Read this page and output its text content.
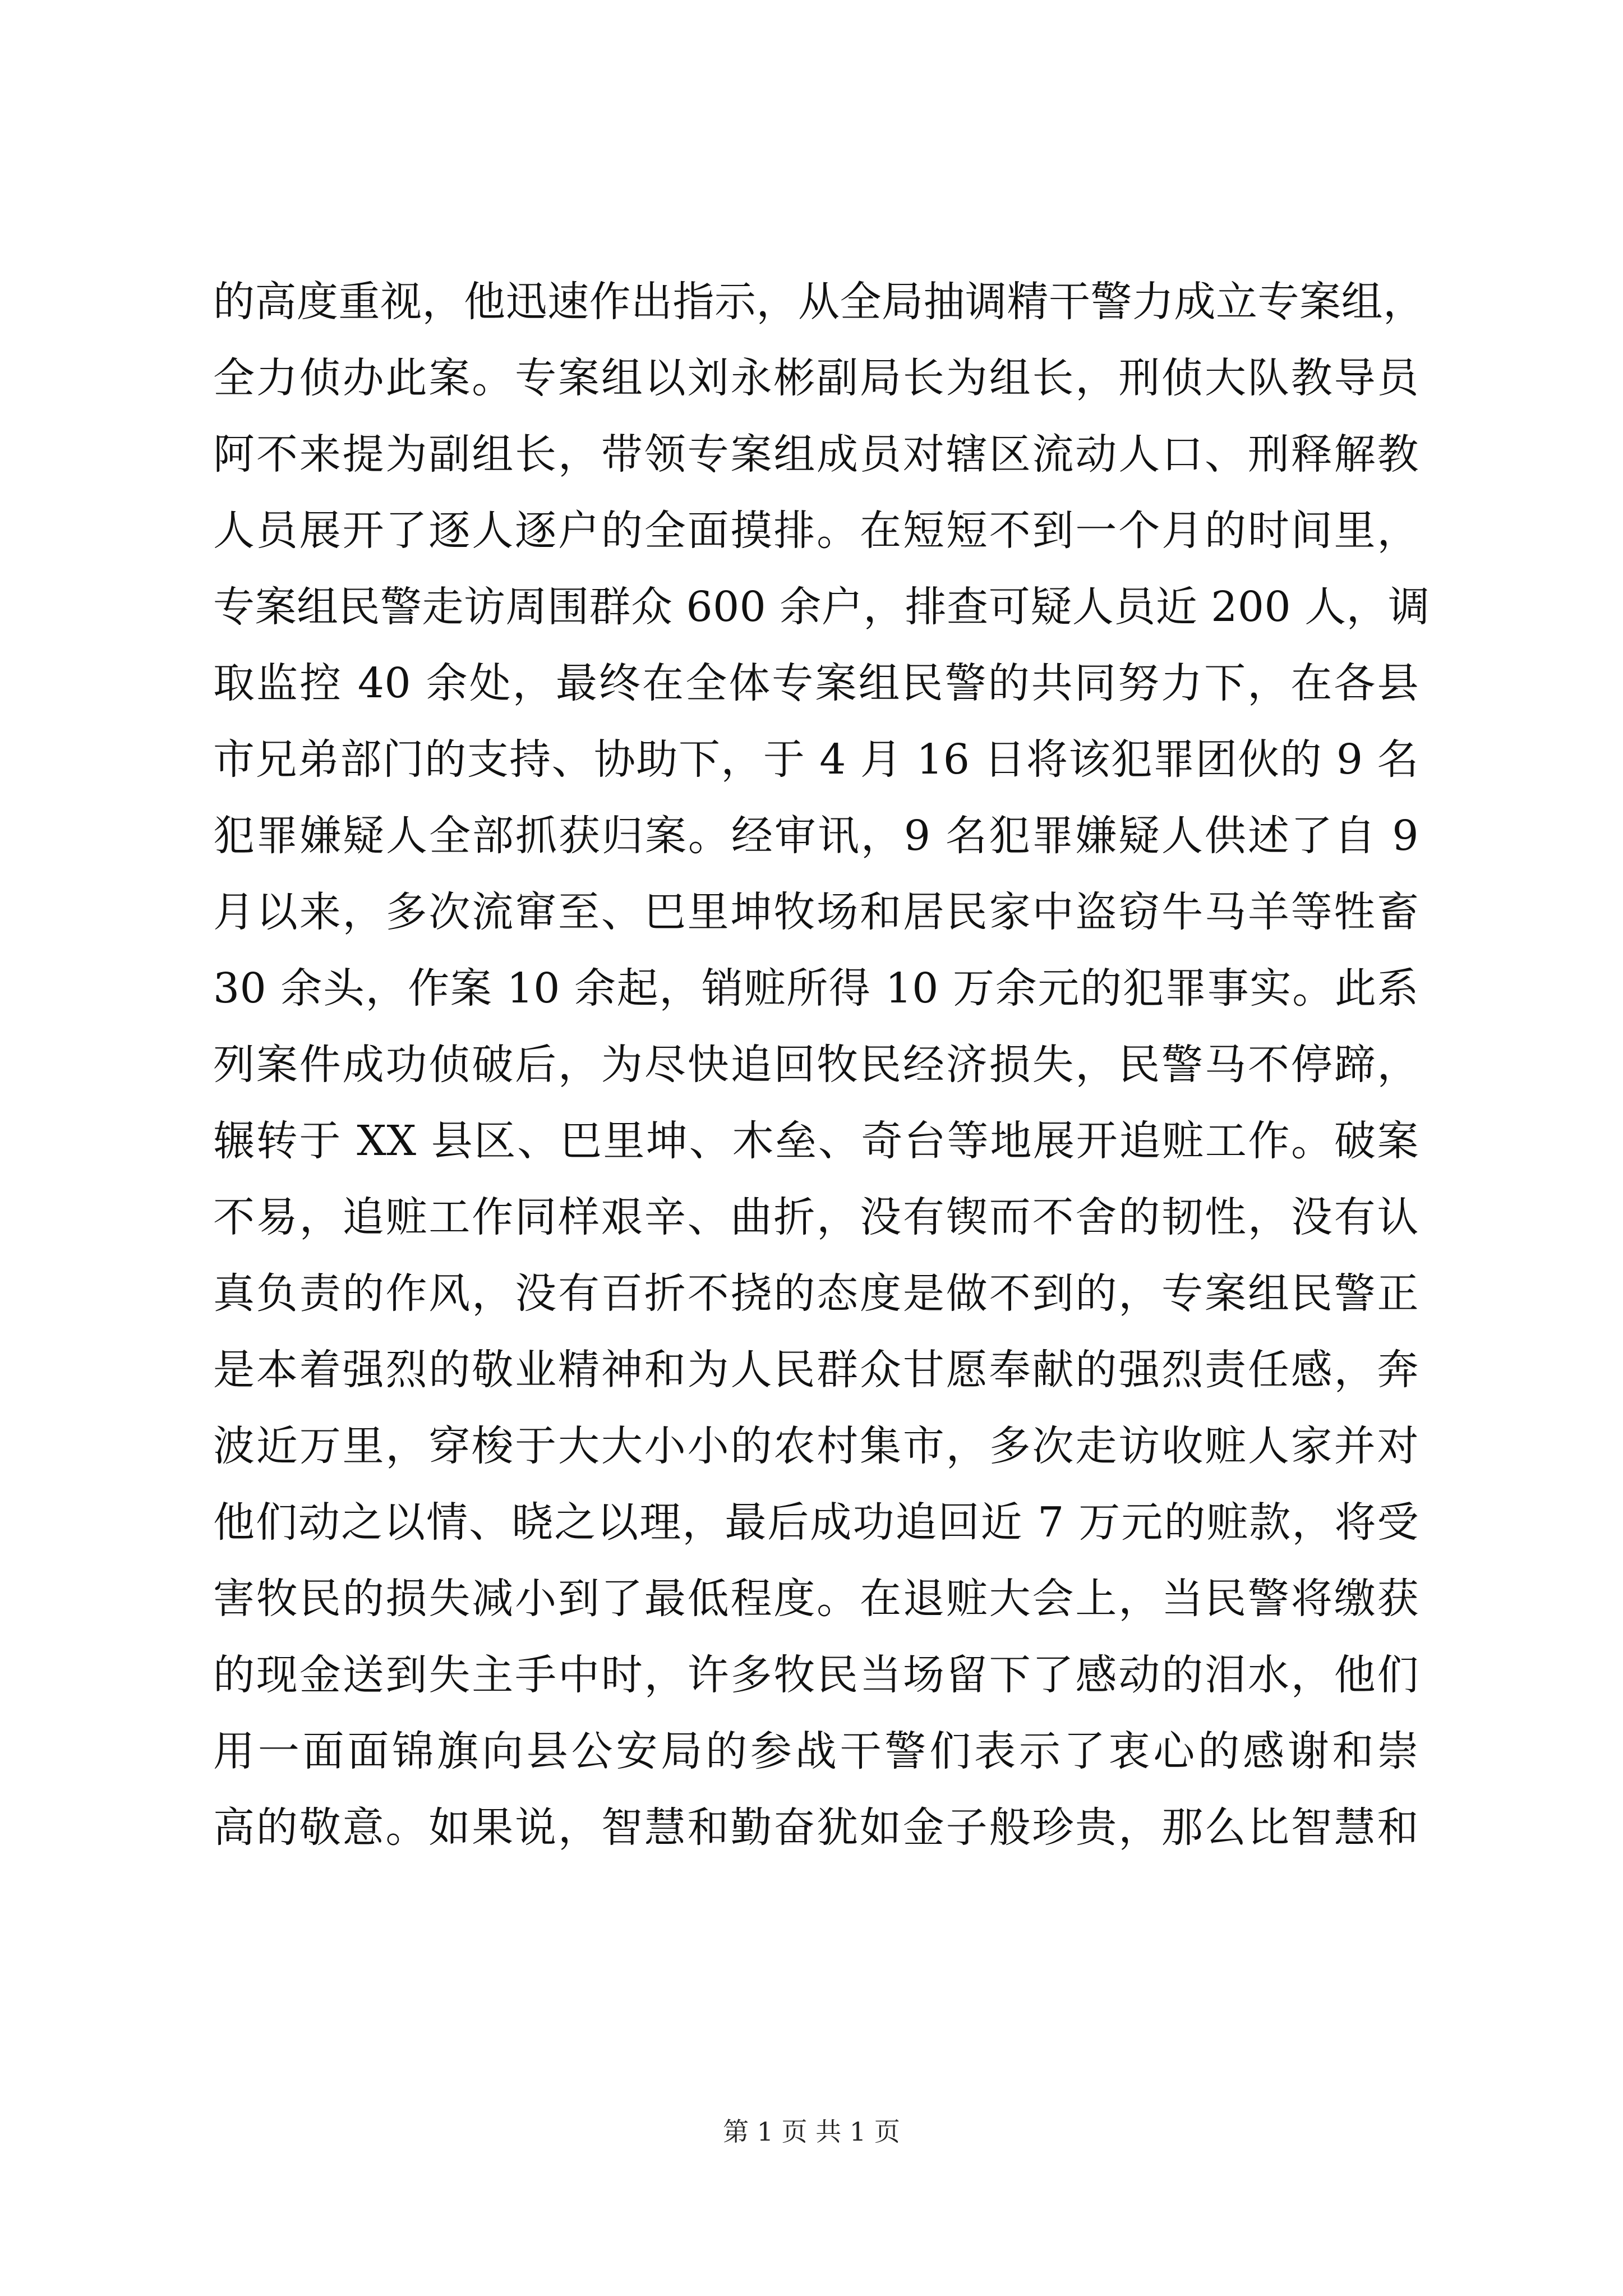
的高度重视，他迅速作出指示，从全局抽调精干警力成立专案组，
全力侦办此案。专案组以刘永彬副局长为组长，刑侦大队教导员
阿不来提为副组长，带领专案组成员对辖区流动人口、刑释解教
人员展开了逐人逐户的全面摸排。在短短不到一个月的时间里，
专案组民警走访周围群众 600 余户，排查可疑人员近 200 人，调
取监控 40 余处，最终在全体专案组民警的共同努力下，在各县
市兄弟部门的支持、协助下，于 4 月 16 日将该犯罪团伙的 9 名
犯罪嫌疑人全部抓获归案。经审讯，9 名犯罪嫌疑人供述了自 9
月以来，多次流窜至、巴里坤牧场和居民家中盗窃牛马羊等牲畜
30 余头，作案 10 余起，销赃所得 10 万余元的犯罪事实。此系
列案件成功侦破后，为尽快追回牧民经济损失，民警马不停蹄，
辗转于 XX 县区、巴里坤、木垒、奇台等地展开追赃工作。破案
不易，追赃工作同样艰辛、曲折，没有锲而不舍的韧性，没有认
真负责的作风，没有百折不挠的态度是做不到的，专案组民警正
是本着强烈的敬业精神和为人民群众甘愿奉献的强烈责任感，奔
波近万里，穿梭于大大小小的农村集市，多次走访收赃人家并对
他们动之以情、晓之以理，最后成功追回近 7 万元的赃款，将受
害牧民的损失减小到了最低程度。在退赃大会上，当民警将缴获
的现金送到失主手中时，许多牧民当场留下了感动的泪水，他们
用一面面锦旗向县公安局的参战干警们表示了衷心的感谢和崇
高的敬意。如果说，智慧和勤奋犹如金子般珍贵，那么比智慧和
第 1 页 共 1 页
